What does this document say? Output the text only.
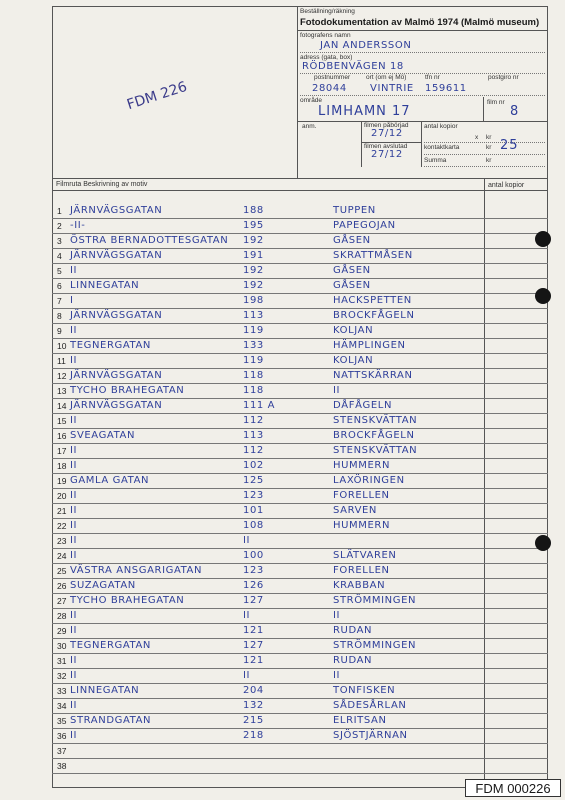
Beställning/räkning
Fotodokumentation av Malmö 1974 (Malmö museum)
fotografens namn
JAN ANDERSSON
adress (gata, box)
RÖDBENVÄGEN 18
postnummer ort (om ej Mö)	tfn nr	postgiro nr
28044 VINTRIE 159611
område
LIMHAMN 17
film nr
8
anm.	filmen påbörjad
27/12
filmen avslutad
27/12
antal kopior
x kr
kontaktkarta	kr 25
Summa	kr
FDM 226
Filmruta Beskrivning av motiv	antal kopior
1 JÄRNVÄGSGATAN	188	TUPPEN
2 -II-	195	PAPEGOJAN
3 ÖSTRA BERNADOTTESGATAN 192	GÅSEN
4 JÄRNVÄGSGATAN	191	SKRATTMÅSEN
5 II	192	GÅSEN
6 LINNEGATAN	192	GÅSEN
7 I	198	HACKSPETTEN
8 JÄRNVÄGSGATAN	113	BROCKFÅGELN
9 II	119	KOLJAN
10 TEGNERGATAN	133	HÄMPLINGEN
11 II	119	KOLJAN
12 JÄRNVÄGSGATAN	118	NATTSKÄRRAN
13 TYCHO BRAHEGATAN	118	II
14 JÄRNVÄGSGATAN	111 A	DÅFÅGELN
15 II	112	STENSKVÄTTAN
16 SVEAGATAN	113	BROCKFÅGELN
17 II	112	STENSKVÄTTAN
18 II	102	HUMMERN
19 GAMLA GATAN	125	LAXÖRINGEN
20 II	123	FORELLEN
21 II	101	SARVEN
22 II	108	HUMMERN
23 II	II
24 II	100	SLÄTVAREN
25 VÄSTRA ANSGARIGATAN	123	FORELLEN
26 SUZAGATAN	126	KRABBAN
27 TYCHO BRAHEGATAN	127	STRÖMMINGEN
28 II	II	II
29 II	121	RUDAN
30 TEGNERGATAN	127	STRÖMMINGEN
31 II	121	RUDAN
32 II	II	II
33 LINNEGATAN	204	TONFISKEN
34 II	132	SÅDESÅRLAN
35 STRANDGATAN	215	ELRITSAN
36 II	218	SJÖSTJÄRNAN
37
38
FDM 000226
